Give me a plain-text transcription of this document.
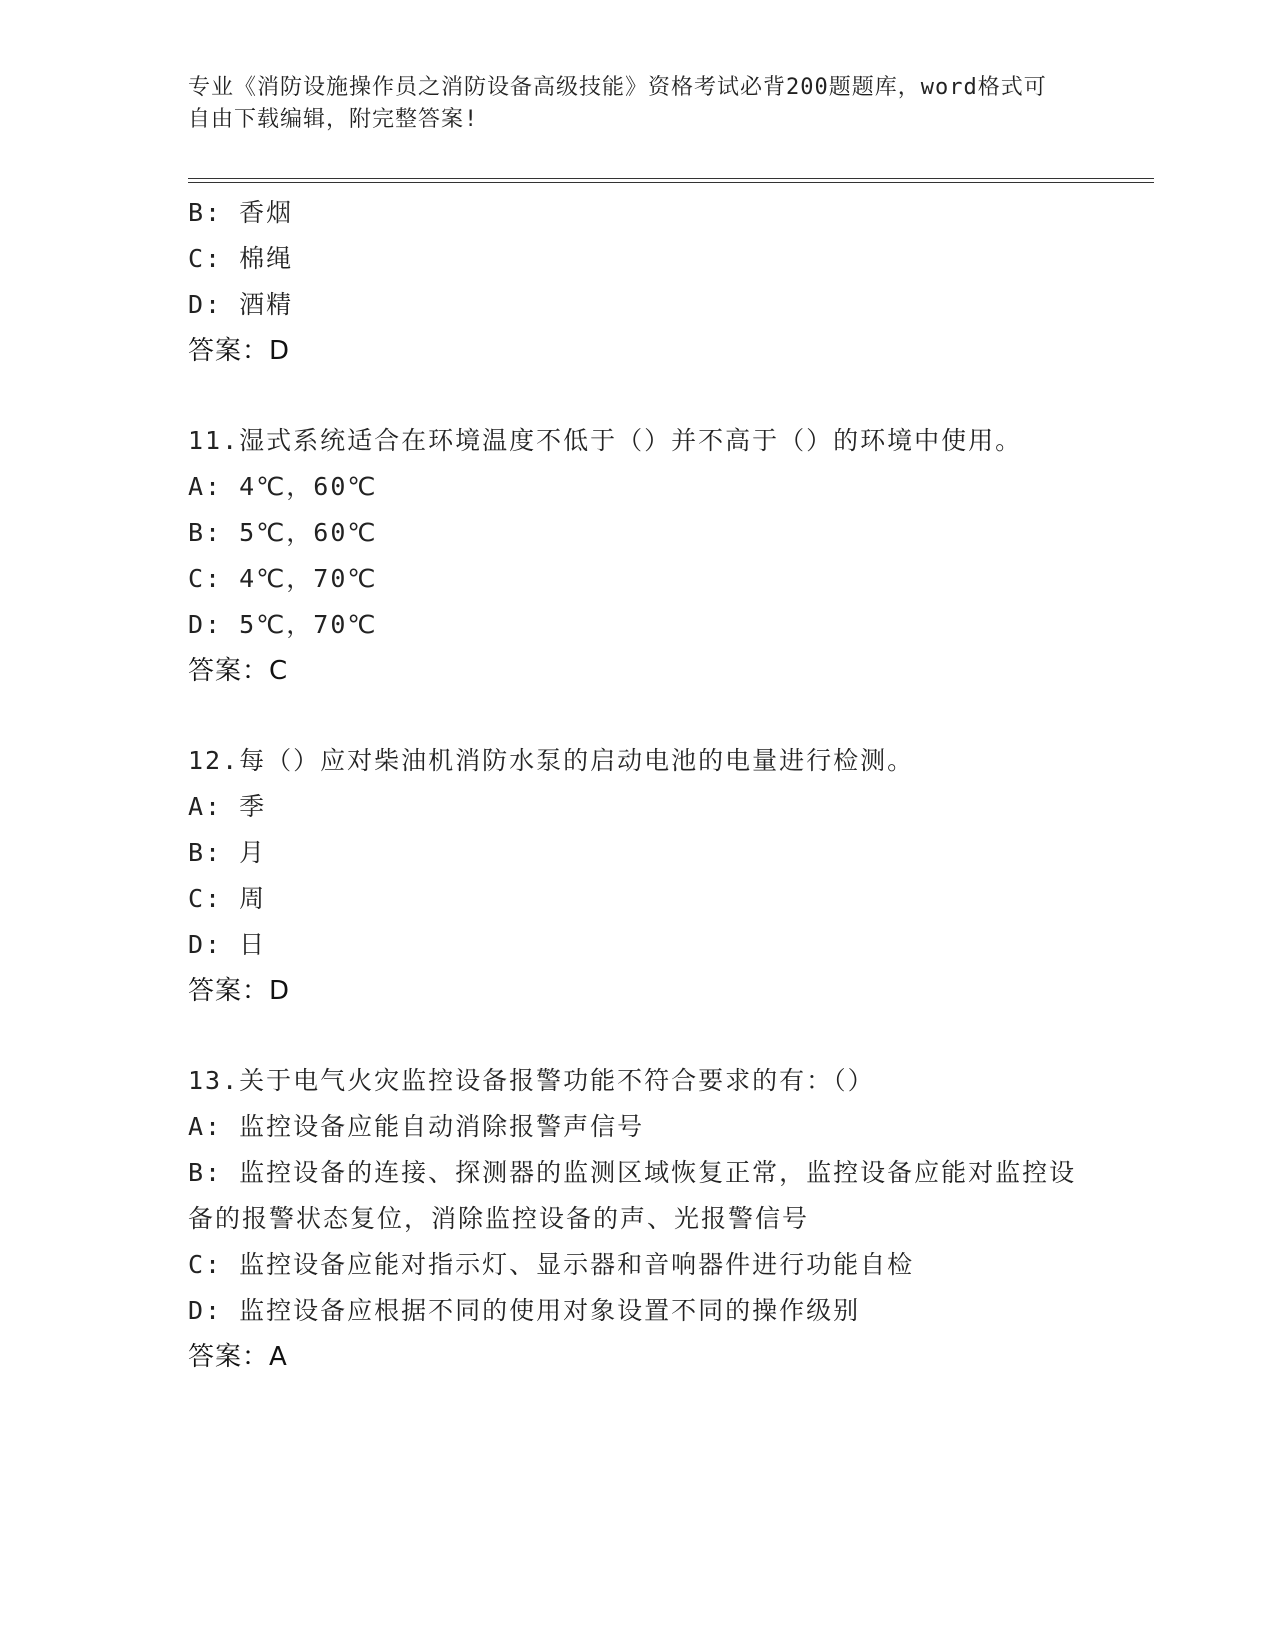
专业《消防设施操作员之消防设备高级技能》资格考试必背200题题库，word格式可自由下载编辑，附完整答案!
B: 香烟
C: 棉绳
D: 酒精
答案：D
11.湿式系统适合在环境温度不低于（）并不高于（）的环境中使用。
A: 4℃，60℃
B: 5℃，60℃
C: 4℃，70℃
D: 5℃，70℃
答案：C
12.每（）应对柴油机消防水泵的启动电池的电量进行检测。
A: 季
B: 月
C: 周
D: 日
答案：D
13.关于电气火灾监控设备报警功能不符合要求的有：（）
A: 监控设备应能自动消除报警声信号
B: 监控设备的连接、探测器的监测区域恢复正常，监控设备应能对监控设备的报警状态复位，消除监控设备的声、光报警信号
C: 监控设备应能对指示灯、显示器和音响器件进行功能自检
D: 监控设备应根据不同的使用对象设置不同的操作级别
答案：A
